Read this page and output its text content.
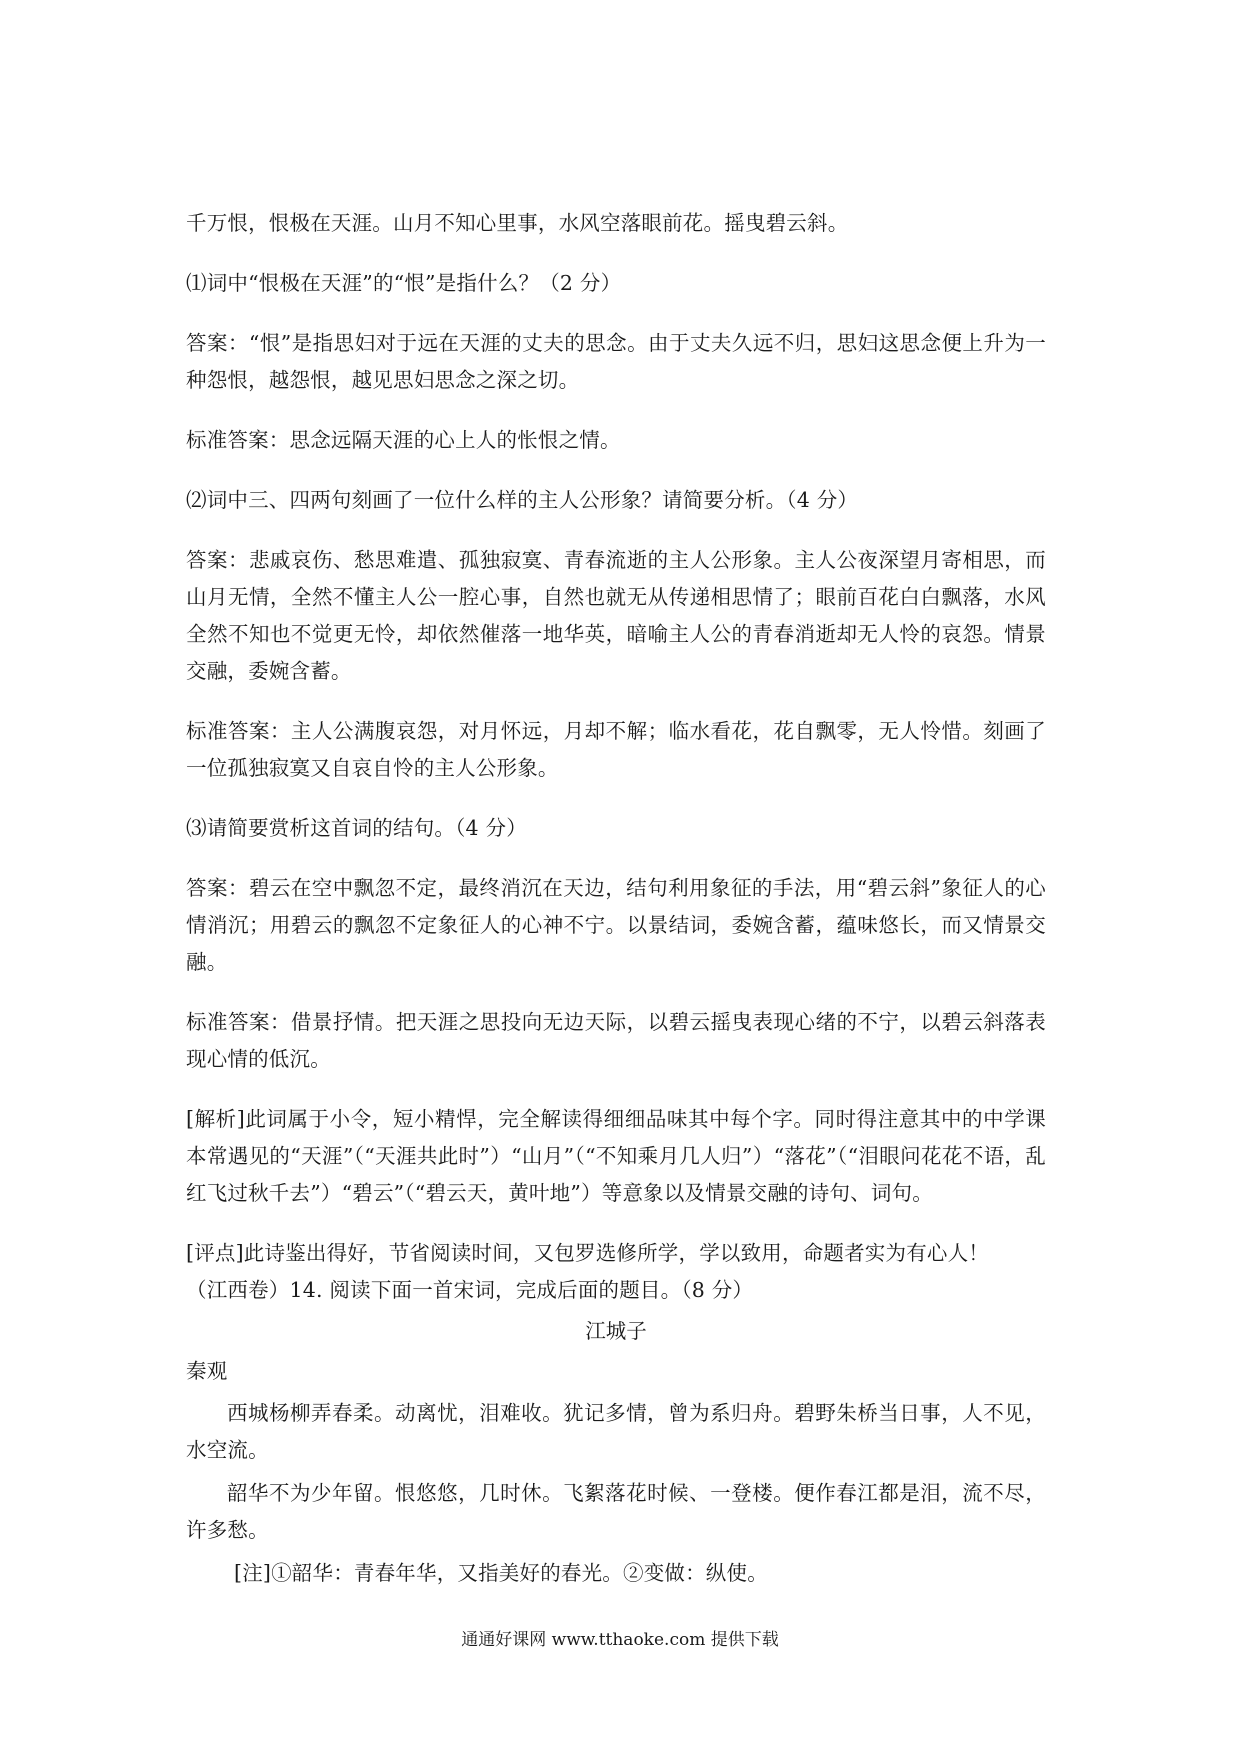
千万恨，恨极在天涯。山月不知心里事，水风空落眼前花。摇曳碧云斜。

⑴词中“恨极在天涯”的“恨”是指什么？（2 分）

答案：“恨”是指思妇对于远在天涯的丈夫的思念。由于丈夫久远不归，思妇这思念便上升为一种怨恨，越怨恨，越见思妇思念之深之切。

标准答案：思念远隔天涯的心上人的怅恨之情。

⑵词中三、四两句刻画了一位什么样的主人公形象？请简要分析。（4 分）

答案：悲戚哀伤、愁思难遣、孤独寂寞、青春流逝的主人公形象。主人公夜深望月寄相思，而山月无情，全然不懂主人公一腔心事，自然也就无从传递相思情了；眼前百花白白飘落，水风全然不知也不觉更无怜，却依然催落一地华英，暗喻主人公的青春消逝却无人怜的哀怨。情景交融，委婉含蓄。

标准答案：主人公满腹哀怨，对月怀远，月却不解；临水看花，花自飘零，无人怜惜。刻画了一位孤独寂寞又自哀自怜的主人公形象。

⑶请简要赏析这首词的结句。（4 分）

答案：碧云在空中飘忽不定，最终消沉在天边，结句利用象征的手法，用“碧云斜”象征人的心情消沉；用碧云的飘忽不定象征人的心神不宁。以景结词，委婉含蓄，蕴味悠长，而又情景交融。

标准答案：借景抒情。把天涯之思投向无边天际，以碧云摇曳表现心绪的不宁，以碧云斜落表现心情的低沉。

[解析]此词属于小令，短小精悍，完全解读得细细品味其中每个字。同时得注意其中的中学课本常遇见的“天涯”（“天涯共此时”）“山月”（“不知乘月几人归”）“落花”（“泪眼问花花不语，乱红飞过秋千去”）“碧云”（“碧云天，黄叶地”）等意象以及情景交融的诗句、词句。

[评点]此诗鉴出得好，节省阅读时间，又包罗选修所学，学以致用，命题者实为有心人！

（江西卷）14. 阅读下面一首宋词，完成后面的题目。（8 分）

江城子

秦观

西城杨柳弄春柔。动离忧，泪难收。犹记多情，曾为系归舟。碧野朱桥当日事，人不见，水空流。

韶华不为少年留。恨悠悠，几时休。飞絮落花时候、一登楼。便作春江都是泪，流不尽，许多愁。

[注]①韶华：青春年华，又指美好的春光。②变做：纵使。

通通好课网 www.tthaoke.com 提供下载
